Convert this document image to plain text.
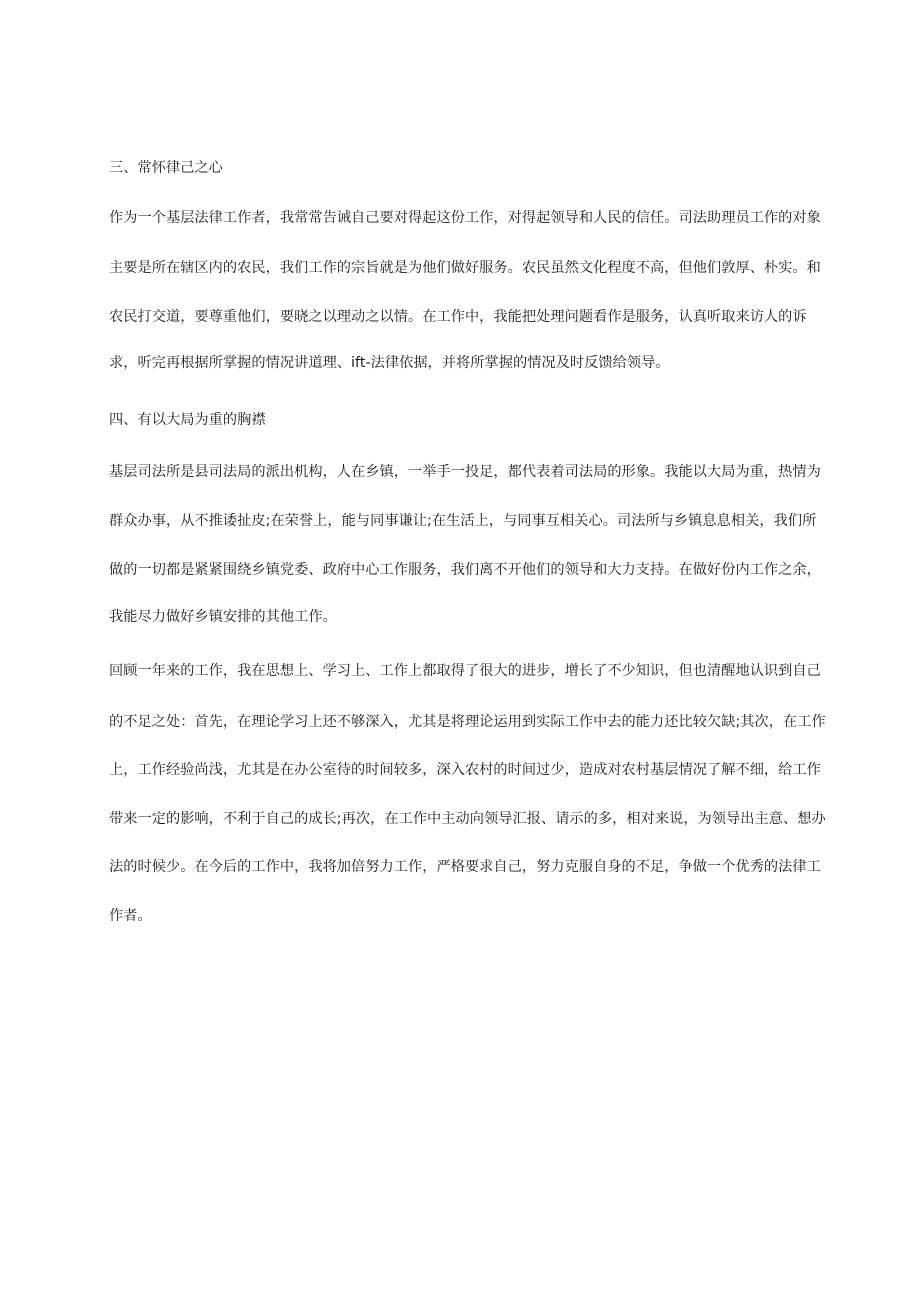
三、常怀律己之心

作为一个基层法律工作者，我常常告诫自己要对得起这份工作，对得起领导和人民的信任。司法助理员工作的对象

主要是所在辖区内的农民，我们工作的宗旨就是为他们做好服务。农民虽然文化程度不高，但他们敦厚、朴实。和

农民打交道，要尊重他们，要晓之以理动之以情。在工作中，我能把处理问题看作是服务，认真听取来访人的诉

求，听完再根据所掌握的情况讲道理、ift-法律依据，并将所掌握的情况及时反馈给领导。

四、有以大局为重的胸襟

基层司法所是县司法局的派出机构，人在乡镇，一举手一投足，都代表着司法局的形象。我能以大局为重，热情为

群众办事，从不推诿扯皮;在荣誉上，能与同事谦让;在生活上，与同事互相关心。司法所与乡镇息息相关，我们所

做的一切都是紧紧围绕乡镇党委、政府中心工作服务，我们离不开他们的领导和大力支持。在做好份内工作之余，

我能尽力做好乡镇安排的其他工作。

回顾一年来的工作，我在思想上、学习上、工作上都取得了很大的进步，增长了不少知识，但也清醒地认识到自己

的不足之处：首先，在理论学习上还不够深入，尤其是将理论运用到实际工作中去的能力还比较欠缺;其次，在工作

上，工作经验尚浅，尤其是在办公室待的时间较多，深入农村的时间过少，造成对农村基层情况了解不细，给工作

带来一定的影响，不利于自己的成长;再次，在工作中主动向领导汇报、请示的多，相对来说，为领导出主意、想办

法的时候少。在今后的工作中，我将加倍努力工作，严格要求自己，努力克服自身的不足，争做一个优秀的法律工

作者。
